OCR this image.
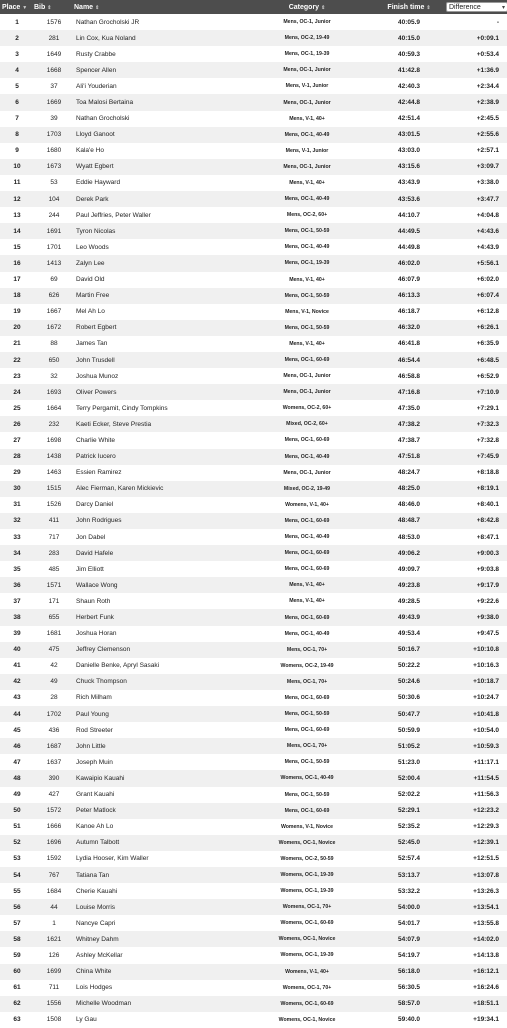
Place ▼	Bib ⇕	Name ⇕	Category ⇕	Finish time ⇕	Difference ▾

1	1576	Nathan Grocholski JR	Mens, OC-1, Junior	40:05.9	-
2	281	Lin Cox, Kua Noland	Mens, OC-2, 19-49	40:15.0	+0:09.1
3	1649	Rusty Crabbe	Mens, OC-1, 19-39	40:59.3	+0:53.4
4	1668	Spencer Allen	Mens, OC-1, Junior	41:42.8	+1:36.9
5	37	Ali'i Youderian	Mens, V-1, Junior	42:40.3	+2:34.4
6	1669	Toa Malosi Bertaina	Mens, OC-1, Junior	42:44.8	+2:38.9
7	39	Nathan Grocholski	Mens, V-1, 40+	42:51.4	+2:45.5
8	1703	Lloyd Ganoot	Mens, OC-1, 40-49	43:01.5	+2:55.6
9	1680	Kala'e Ho	Mens, V-1, Junior	43:03.0	+2:57.1
10	1673	Wyatt Egbert	Mens, OC-1, Junior	43:15.6	+3:09.7
11	53	Eddie Hayward	Mens, V-1, 40+	43:43.9	+3:38.0
12	104	Derek Park	Mens, OC-1, 40-49	43:53.6	+3:47.7
13	244	Paul Jeffries, Peter Waller	Mens, OC-2, 60+	44:10.7	+4:04.8
14	1691	Tyron Nicolas	Mens, OC-1, 50-59	44:49.5	+4:43.6
15	1701	Leo Woods	Mens, OC-1, 40-49	44:49.8	+4:43.9
16	1413	Zalyn Lee	Mens, OC-1, 19-39	46:02.0	+5:56.1
17	69	David Old	Mens, V-1, 40+	46:07.9	+6:02.0
18	626	Martin Free	Mens, OC-1, 50-59	46:13.3	+6:07.4
19	1667	Mel Ah Lo	Mens, V-1, Novice	46:18.7	+6:12.8
20	1672	Robert Egbert	Mens, OC-1, 50-59	46:32.0	+6:26.1
21	88	James Tan	Mens, V-1, 40+	46:41.8	+6:35.9
22	650	John Trusdell	Mens, OC-1, 60-69	46:54.4	+6:48.5
23	32	Joshua Munoz	Mens, OC-1, Junior	46:58.8	+6:52.9
24	1693	Oliver Powers	Mens, OC-1, Junior	47:16.8	+7:10.9
25	1664	Terry Pergamit, Cindy Tompkins	Womens, OC-2, 60+	47:35.0	+7:29.1
26	232	Kaeti Ecker, Steve Prestia	Mixed, OC-2, 60+	47:38.2	+7:32.3
27	1698	Charlie White	Mens, OC-1, 60-69	47:38.7	+7:32.8
28	1438	Patrick Iucero	Mens, OC-1, 40-49	47:51.8	+7:45.9
29	1463	Essien Ramirez	Mens, OC-1, Junior	48:24.7	+8:18.8
30	1515	Alec Fierman, Karen Mickievic	Mixed, OC-2, 19-49	48:25.0	+8:19.1
31	1526	Darcy Daniel	Womens, V-1, 40+	48:46.0	+8:40.1
32	411	John Rodrigues	Mens, OC-1, 60-69	48:48.7	+8:42.8
33	717	Jon Dabel	Mens, OC-1, 40-49	48:53.0	+8:47.1
34	283	David Hafele	Mens, OC-1, 60-69	49:06.2	+9:00.3
35	485	Jim Elliott	Mens, OC-1, 60-69	49:09.7	+9:03.8
36	1571	Wallace Wong	Mens, V-1, 40+	49:23.8	+9:17.9
37	171	Shaun Roth	Mens, V-1, 40+	49:28.5	+9:22.6
38	655	Herbert Funk	Mens, OC-1, 60-69	49:43.9	+9:38.0
39	1681	Joshua Horan	Mens, OC-1, 40-49	49:53.4	+9:47.5
40	475	Jeffrey Clemenson	Mens, OC-1, 70+	50:16.7	+10:10.8
41	42	Danielle Benke, Apryl Sasaki	Womens, OC-2, 19-49	50:22.2	+10:16.3
42	49	Chuck Thompson	Mens, OC-1, 70+	50:24.6	+10:18.7
43	28	Rich Milham	Mens, OC-1, 60-69	50:30.6	+10:24.7
44	1702	Paul Young	Mens, OC-1, 50-59	50:47.7	+10:41.8
45	436	Rod Streeter	Mens, OC-1, 60-69	50:59.9	+10:54.0
46	1687	John Little	Mens, OC-1, 70+	51:05.2	+10:59.3
47	1637	Joseph Muin	Mens, OC-1, 50-59	51:23.0	+11:17.1
48	390	Kawaipio Kauahi	Womens, OC-1, 40-49	52:00.4	+11:54.5
49	427	Grant Kauahi	Mens, OC-1, 50-59	52:02.2	+11:56.3
50	1572	Peter Matlock	Mens, OC-1, 60-69	52:29.1	+12:23.2
51	1666	Kanoe Ah Lo	Womens, V-1, Novice	52:35.2	+12:29.3
52	1696	Autumn Talbott	Womens, OC-1, Novice	52:45.0	+12:39.1
53	1592	Lydia Hooser, Kim Waller	Womens, OC-2, 50-59	52:57.4	+12:51.5
54	767	Tatiana Tan	Womens, OC-1, 19-39	53:13.7	+13:07.8
55	1684	Cherie Kauahi	Womens, OC-1, 19-39	53:32.2	+13:26.3
56	44	Louise Morris	Womens, OC-1, 70+	54:00.0	+13:54.1
57	1	Nancye Capri	Womens, OC-1, 60-69	54:01.7	+13:55.8
58	1621	Whitney Dahm	Womens, OC-1, Novice	54:07.9	+14:02.0
59	126	Ashley McKellar	Womens, OC-1, 19-39	54:19.7	+14:13.8
60	1699	China White	Womens, V-1, 40+	56:18.0	+16:12.1
61	711	Lois Hodges	Womens, OC-1, 70+	56:30.5	+16:24.6
62	1556	Michelle Woodman	Womens, OC-1, 60-69	58:57.0	+18:51.1
63	1508	Ly Gau	Womens, OC-1, Novice	59:40.0	+19:34.1
